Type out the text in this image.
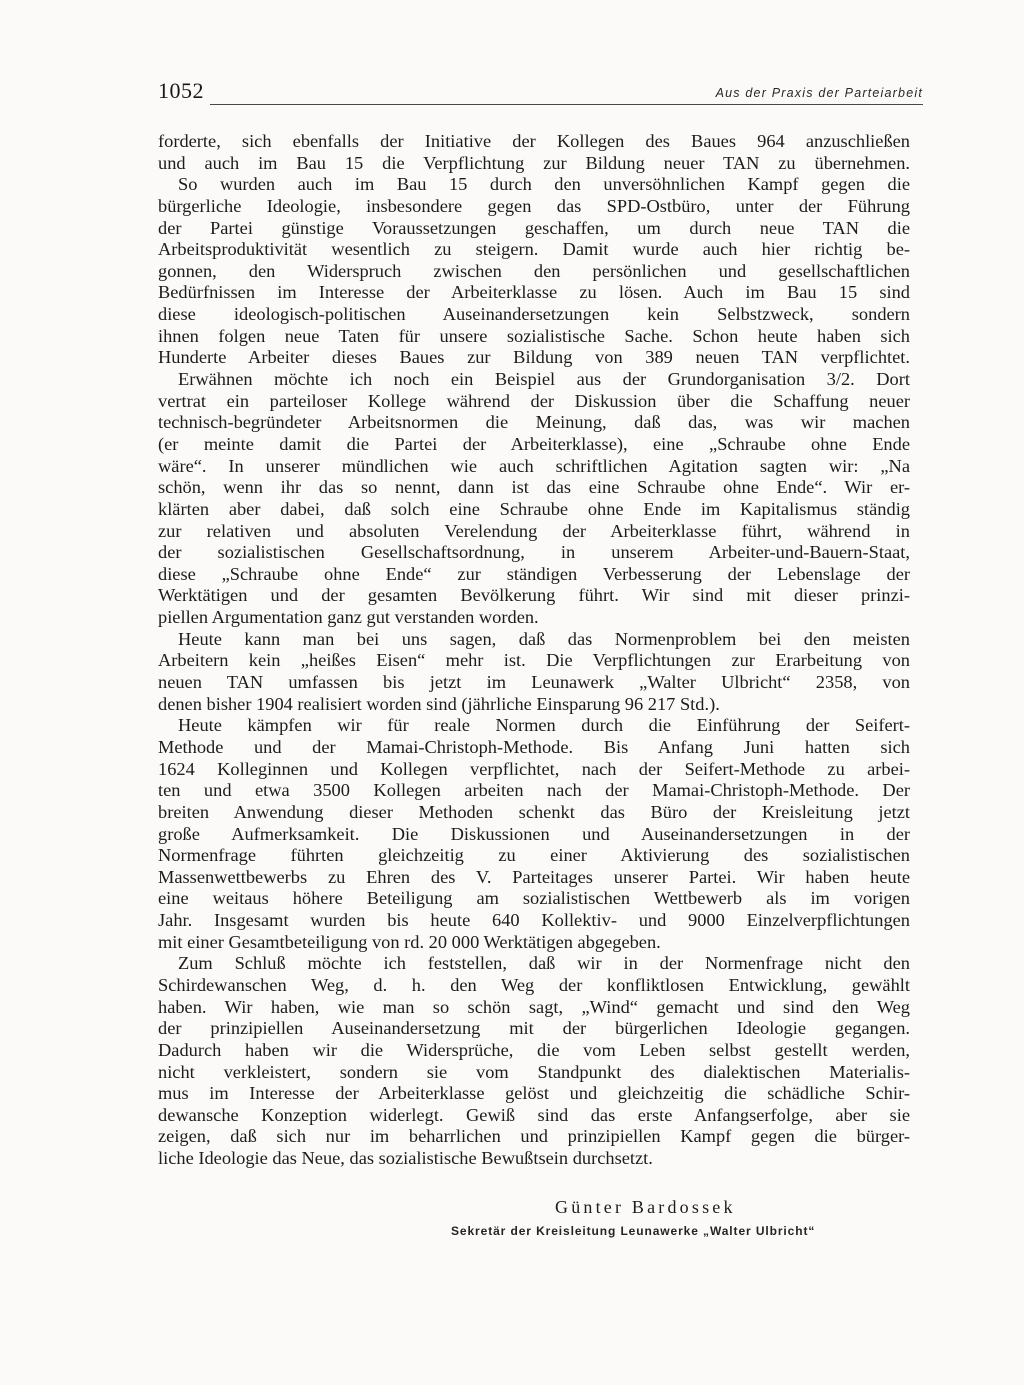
1052	Aus der Praxis der Parteiarbeit
forderte, sich ebenfalls der Initiative der Kollegen des Baues 964 anzuschließen
und auch im Bau 15 die Verpflichtung zur Bildung neuer TAN zu übernehmen.
So wurden auch im Bau 15 durch den unversöhnlichen Kampf gegen die
bürgerliche Ideologie, insbesondere gegen das SPD-Ostbüro, unter der Führung
der Partei günstige Voraussetzungen geschaffen, um durch neue TAN die
Arbeitsproduktivität wesentlich zu steigern. Damit wurde auch hier richtig be-
gonnen, den Widerspruch zwischen den persönlichen und gesellschaftlichen
Bedürfnissen im Interesse der Arbeiterklasse zu lösen. Auch im Bau 15 sind
diese ideologisch-politischen Auseinandersetzungen kein Selbstzweck, sondern
ihnen folgen neue Taten für unsere sozialistische Sache. Schon heute haben sich
Hunderte Arbeiter dieses Baues zur Bildung von 389 neuen TAN verpflichtet.
Erwähnen möchte ich noch ein Beispiel aus der Grundorganisation 3/2. Dort
vertrat ein parteiloser Kollege während der Diskussion über die Schaffung neuer
technisch-begründeter Arbeitsnormen die Meinung, daß das, was wir machen
(er meinte damit die Partei der Arbeiterklasse), eine „Schraube ohne Ende
wäre“. In unserer mündlichen wie auch schriftlichen Agitation sagten wir: „Na
schön, wenn ihr das so nennt, dann ist das eine Schraube ohne Ende“. Wir er-
klärten aber dabei, daß solch eine Schraube ohne Ende im Kapitalismus ständig
zur relativen und absoluten Verelendung der Arbeiterklasse führt, während in
der sozialistischen Gesellschaftsordnung, in unserem Arbeiter-und-Bauern-Staat,
diese „Schraube ohne Ende“ zur ständigen Verbesserung der Lebenslage der
Werktätigen und der gesamten Bevölkerung führt. Wir sind mit dieser prinzi-
piellen Argumentation ganz gut verstanden worden.
Heute kann man bei uns sagen, daß das Normenproblem bei den meisten
Arbeitern kein „heißes Eisen“ mehr ist. Die Verpflichtungen zur Erarbeitung von
neuen TAN umfassen bis jetzt im Leunawerk „Walter Ulbricht“ 2358, von
denen bisher 1904 realisiert worden sind (jährliche Einsparung 96 217 Std.).
Heute kämpfen wir für reale Normen durch die Einführung der Seifert-
Methode und der Mamai-Christoph-Methode. Bis Anfang Juni hatten sich
1624 Kolleginnen und Kollegen verpflichtet, nach der Seifert-Methode zu arbei-
ten und etwa 3500 Kollegen arbeiten nach der Mamai-Christoph-Methode. Der
breiten Anwendung dieser Methoden schenkt das Büro der Kreisleitung jetzt
große Aufmerksamkeit. Die Diskussionen und Auseinandersetzungen in der
Normenfrage führten gleichzeitig zu einer Aktivierung des sozialistischen
Massenwettbewerbs zu Ehren des V. Parteitages unserer Partei. Wir haben heute
eine weitaus höhere Beteiligung am sozialistischen Wettbewerb als im vorigen
Jahr. Insgesamt wurden bis heute 640 Kollektiv- und 9000 Einzelverpflichtungen
mit einer Gesamtbeteiligung von rd. 20 000 Werktätigen abgegeben.
Zum Schluß möchte ich feststellen, daß wir in der Normenfrage nicht den
Schirdewanschen Weg, d. h. den Weg der konfliktlosen Entwicklung, gewählt
haben. Wir haben, wie man so schön sagt, „Wind“ gemacht und sind den Weg
der prinzipiellen Auseinandersetzung mit der bürgerlichen Ideologie gegangen.
Dadurch haben wir die Widersprüche, die vom Leben selbst gestellt werden,
nicht verkleistert, sondern sie vom Standpunkt des dialektischen Materialis-
mus im Interesse der Arbeiterklasse gelöst und gleichzeitig die schädliche Schir-
dewansche Konzeption widerlegt. Gewiß sind das erste Anfangserfolge, aber sie
zeigen, daß sich nur im beharrlichen und prinzipiellen Kampf gegen die bürger-
liche Ideologie das Neue, das sozialistische Bewußtsein durchsetzt.
Günter Bardossek
Sekretär der Kreisleitung Leunawerke „Walter Ulbricht“
